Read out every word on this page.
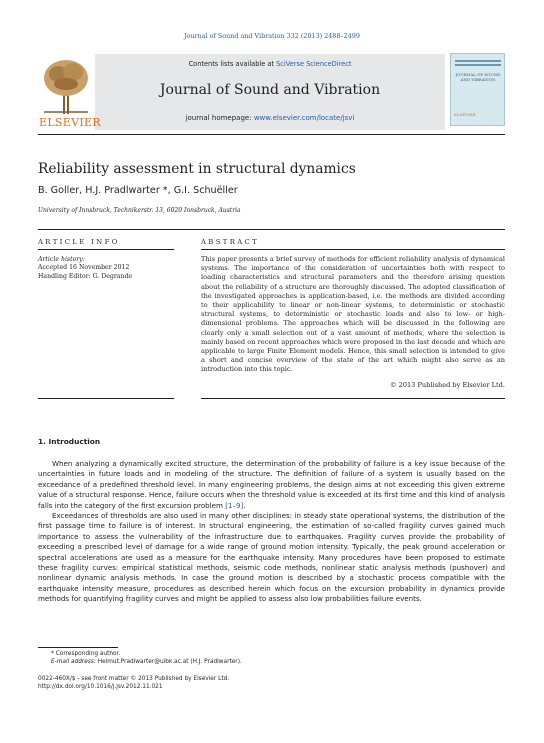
Journal of Sound and Vibration 332 (2013) 2488–2499
ELSEVIER
Contents lists available at SciVerse ScienceDirect
Journal of Sound and Vibration
journal homepage: www.elsevier.com/locate/jsvi
JOURNAL OF SOUND AND VIBRATION
ELSEVIER
Reliability assessment in structural dynamics
B. Goller, H.J. Pradlwarter *, G.I. Schuëller
University of Innsbruck, Technikerstr. 13, 6020 Innsbruck, Austria
ARTICLE INFO	ABSTRACT
Article history:
Accepted 16 November 2012
Handling Editor: G. Degrande
This paper presents a brief survey of methods for efficient reliability analysis of dynamical systems. The importance of the consideration of uncertainties both with respect to loading characteristics and structural parameters and the therefore arising question about the reliability of a structure are thoroughly discussed. The adopted classification of the investigated approaches is application-based, i.e. the methods are divided according to their applicability to linear or non-linear systems, to deterministic or stochastic structural systems, to deterministic or stochastic loads and also to low- or high-dimensional problems. The approaches which will be discussed in the following are clearly only a small selection out of a vast amount of methods, where the selection is mainly based on recent approaches which were proposed in the last decade and which are applicable to large Finite Element models. Hence, this small selection is intended to give a short and concise overview of the state of the art which might also serve as an introduction into this topic.
© 2013 Published by Elsevier Ltd.
1. Introduction

When analyzing a dynamically excited structure, the determination of the probability of failure is a key issue because of the uncertainties in future loads and in modeling of the structure. The definition of failure of a system is usually based on the exceedance of a predefined threshold level. In many engineering problems, the design aims at not exceeding this given extreme value of a structural response. Hence, failure occurs when the threshold value is exceeded at its first time and this kind of analysis falls into the category of the first excursion problem [1–9].

Exceedances of thresholds are also used in many other disciplines: in steady state operational systems, the distribution of the first passage time to failure is of interest. In structural engineering, the estimation of so-called fragility curves gained much importance to assess the vulnerability of the infrastructure due to earthquakes. Fragility curves provide the probability of exceeding a prescribed level of damage for a wide range of ground motion intensity. Typically, the peak ground acceleration or spectral accelerations are used as a measure for the earthquake intensity. Many procedures have been proposed to estimate these fragility curves: empirical statistical methods, seismic code methods, nonlinear static analysis methods (pushover) and nonlinear dynamic analysis methods. In case the ground motion is described by a stochastic process compatible with the earthquake intensity measure, procedures as described herein which focus on the excursion probability in dynamics provide methods for quantifying fragility curves and might be applied to assess also low probabilities failure events.

* Corresponding author.
E-mail address: Helmut.Pradlwarter@uibk.ac.at (H.J. Pradlwarter).
0022-460X/$ - see front matter © 2013 Published by Elsevier Ltd.
http://dx.doi.org/10.1016/j.jsv.2012.11.021
